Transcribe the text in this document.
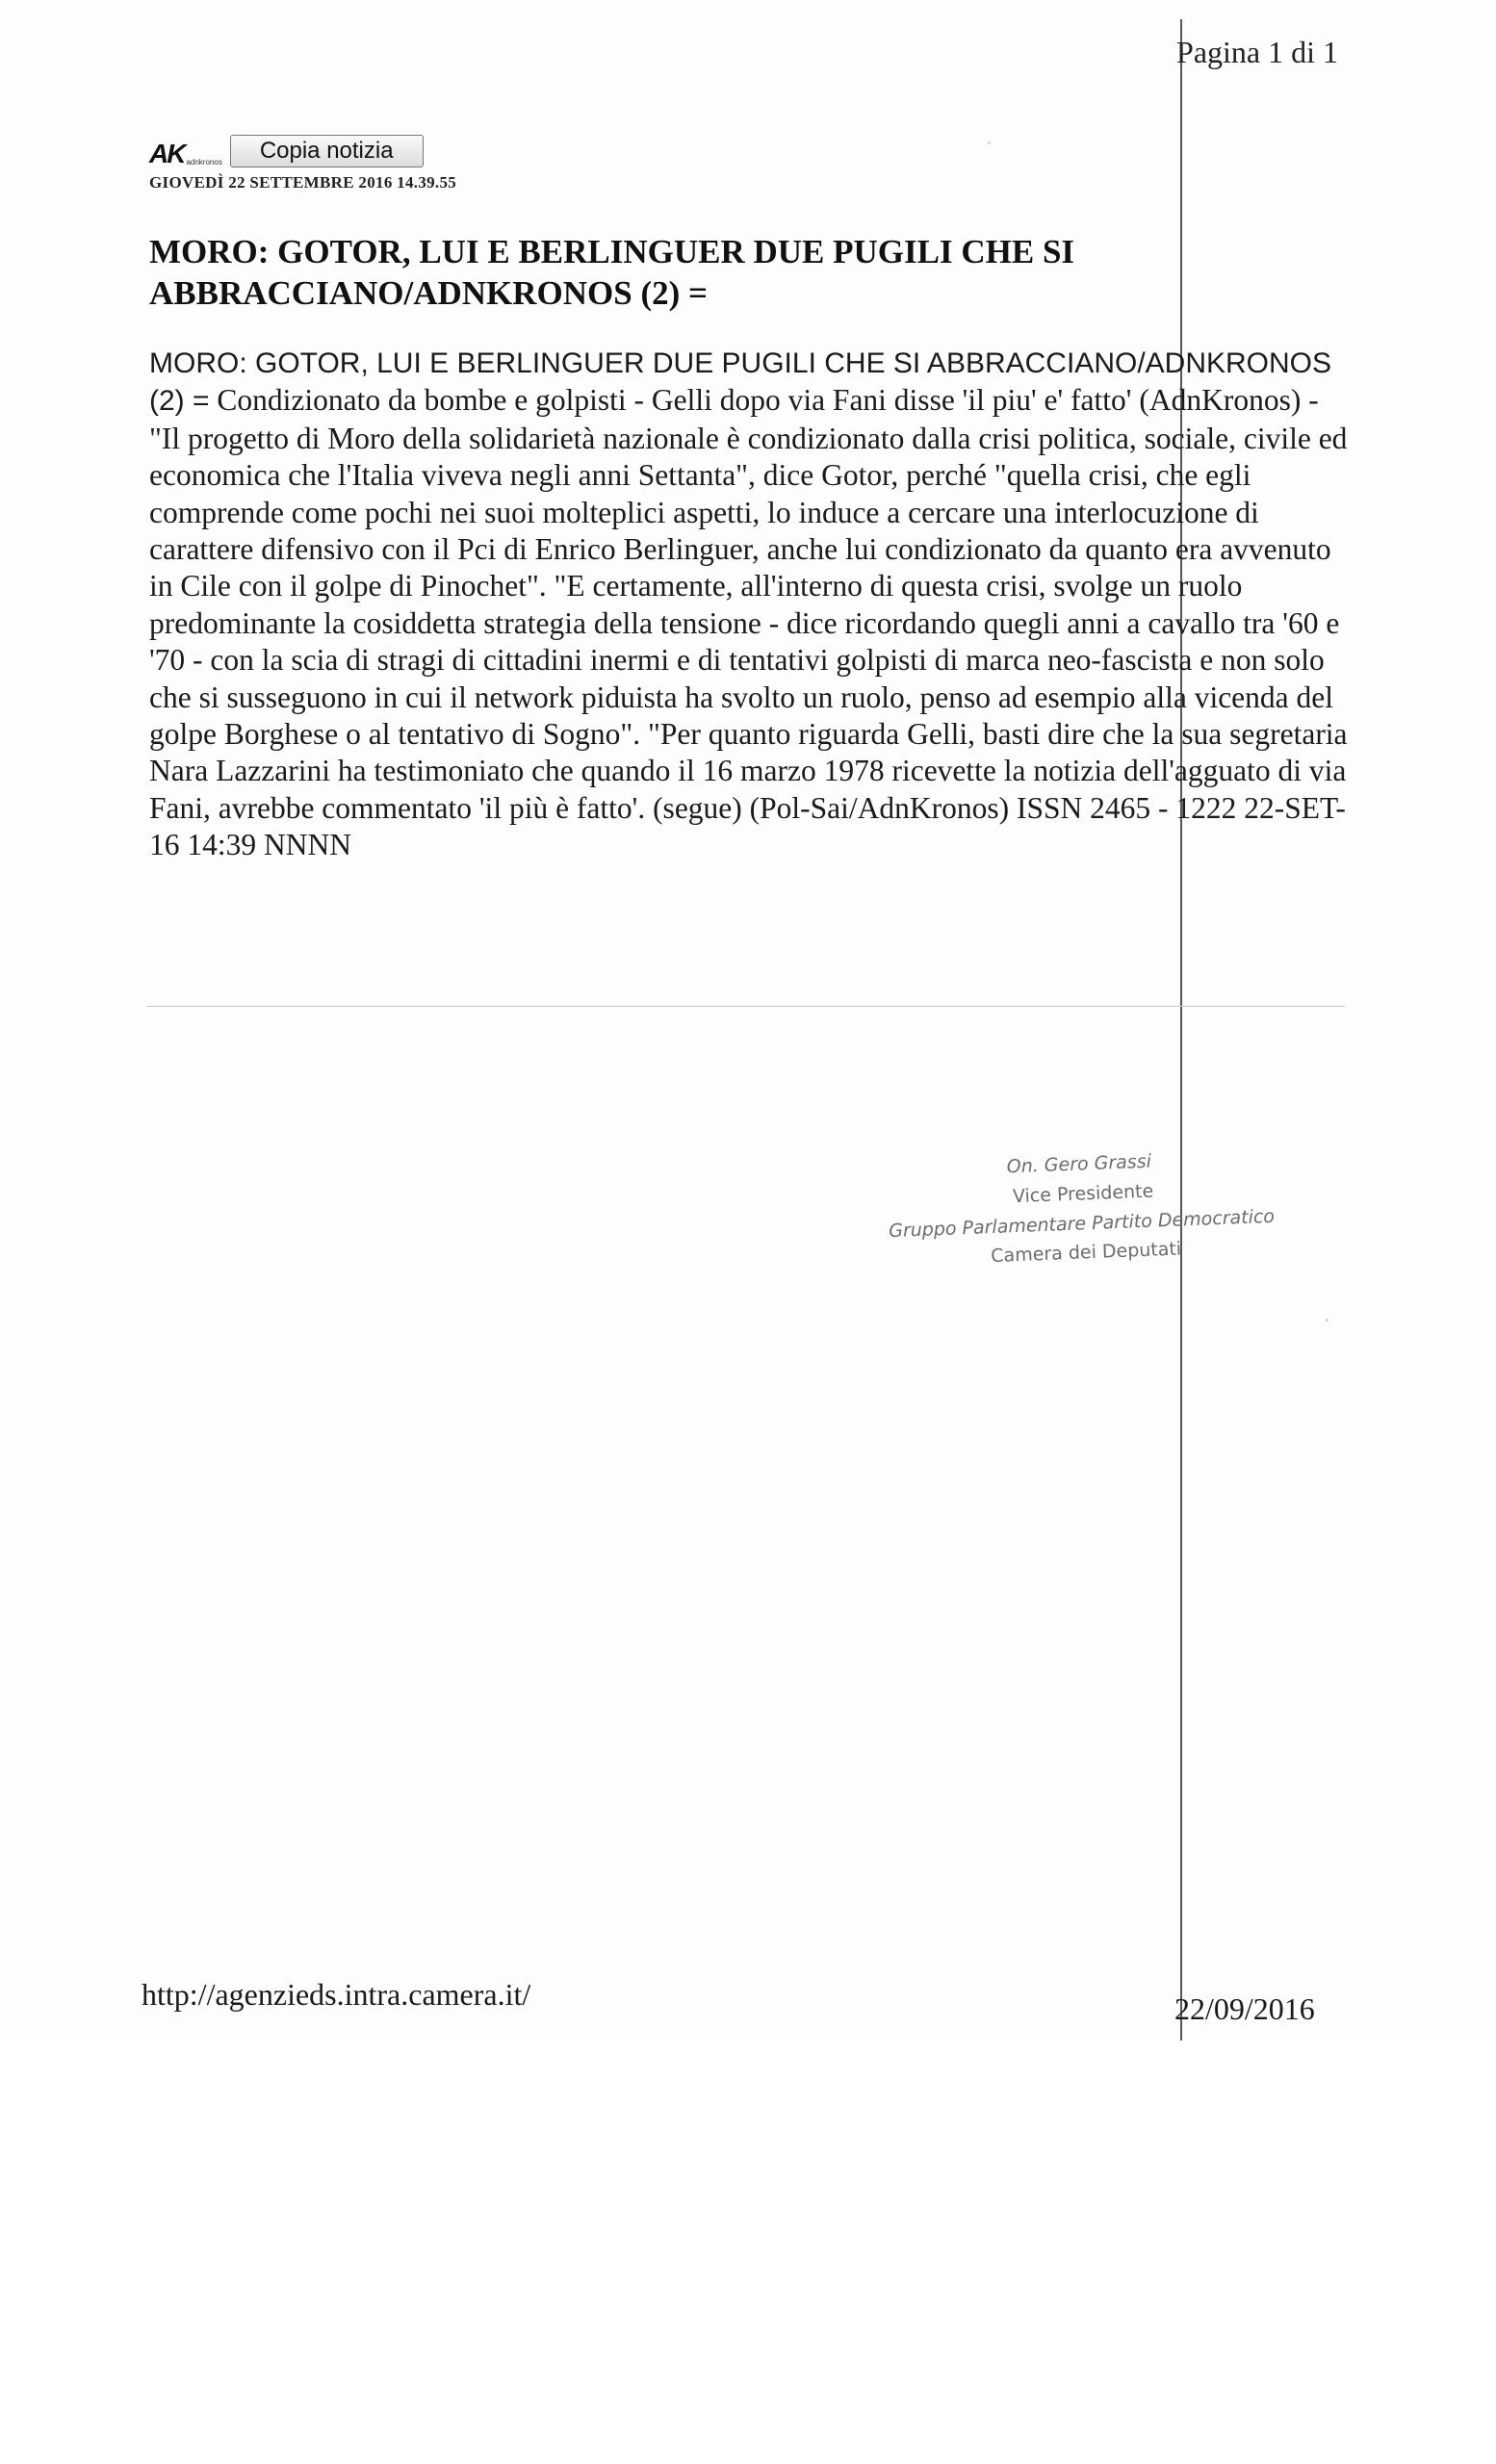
Pagina 1 di 1
AK adnkronos	Copia notizia
GIOVEDÌ 22 SETTEMBRE 2016 14.39.55
MORO: GOTOR, LUI E BERLINGUER DUE PUGILI CHE SI ABBRACCIANO/ADNKRONOS (2) =

MORO: GOTOR, LUI E BERLINGUER DUE PUGILI CHE SI ABBRACCIANO/ADNKRONOS (2) = Condizionato da bombe e golpisti - Gelli dopo via Fani disse 'il piu' e' fatto' (AdnKronos) - "Il progetto di Moro della solidarietà nazionale è condizionato dalla crisi politica, sociale, civile ed economica che l'Italia viveva negli anni Settanta", dice Gotor, perché "quella crisi, che egli comprende come pochi nei suoi molteplici aspetti, lo induce a cercare una interlocuzione di carattere difensivo con il Pci di Enrico Berlinguer, anche lui condizionato da quanto era avvenuto in Cile con il golpe di Pinochet". "E certamente, all'interno di questa crisi, svolge un ruolo predominante la cosiddetta strategia della tensione - dice ricordando quegli anni a cavallo tra '60 e '70 - con la scia di stragi di cittadini inermi e di tentativi golpisti di marca neo-fascista e non solo che si susseguono in cui il network piduista ha svolto un ruolo, penso ad esempio alla vicenda del golpe Borghese o al tentativo di Sogno". "Per quanto riguarda Gelli, basti dire che la sua segretaria Nara Lazzarini ha testimoniato che quando il 16 marzo 1978 ricevette la notizia dell'agguato di via Fani, avrebbe commentato 'il più è fatto'. (segue) (Pol-Sai/AdnKronos) ISSN 2465 - 1222 22-SET-16 14:39 NNNN

On. Gero Grassi
Vice Presidente
Gruppo Parlamentare Partito Democratico
Camera dei Deputati
http://agenzieds.intra.camera.it/	22/09/2016
